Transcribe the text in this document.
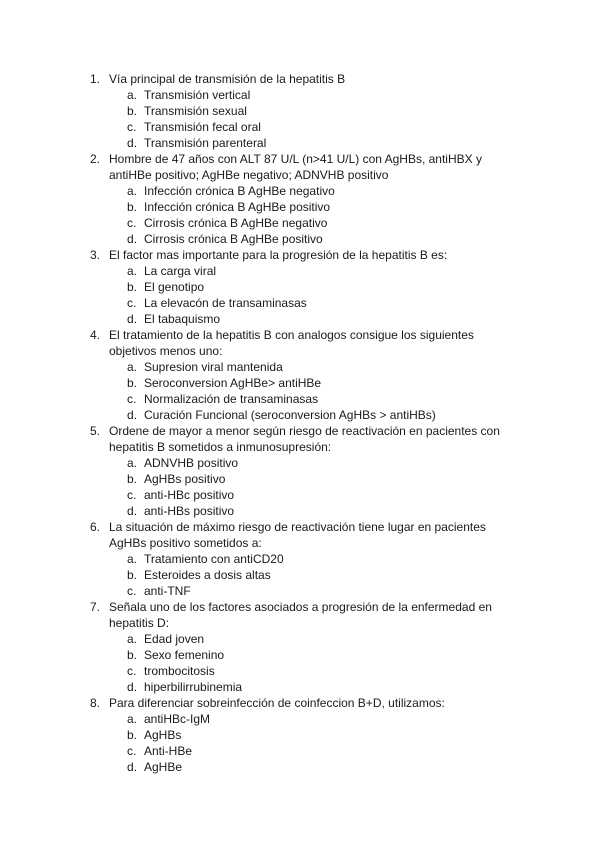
1. Vía principal de transmisión de la hepatitis B
a. Transmisión vertical
b. Transmisión sexual
c. Transmisión fecal oral
d. Transmisión parenteral
2. Hombre de 47 años con ALT 87 U/L (n>41 U/L) con AgHBs, antiHBX y antiHBe positivo; AgHBe negativo; ADNVHB positivo
a. Infección crónica B AgHBe negativo
b. Infección crónica B AgHBe positivo
c. Cirrosis crónica B AgHBe negativo
d. Cirrosis crónica B AgHBe positivo
3. El factor mas importante para la progresión de la hepatitis B es:
a. La carga viral
b. El genotipo
c. La elevacón de transaminasas
d. El tabaquismo
4. El tratamiento de la hepatitis B con analogos consigue los siguientes objetivos menos uno:
a. Supresion viral mantenida
b. Seroconversion AgHBe> antiHBe
c. Normalización de transaminasas
d. Curación Funcional (seroconversion AgHBs > antiHBs)
5. Ordene de mayor a menor según riesgo de reactivación en pacientes con hepatitis B sometidos a inmunosupresión:
a. ADNVHB positivo
b. AgHBs positivo
c. anti-HBc positivo
d. anti-HBs positivo
6. La situación de máximo riesgo de reactivación tiene lugar en pacientes AgHBs positivo sometidos a:
a. Tratamiento con antiCD20
b. Esteroides a dosis altas
c. anti-TNF
7. Señala uno de los factores asociados a progresión de la enfermedad en hepatitis D:
a. Edad joven
b. Sexo femenino
c. trombocitosis
d. hiperbilirrubinemia
8. Para diferenciar sobreinfección de coinfeccion B+D, utilizamos:
a. antiHBc-IgM
b. AgHBs
c. Anti-HBe
d. AgHBe
